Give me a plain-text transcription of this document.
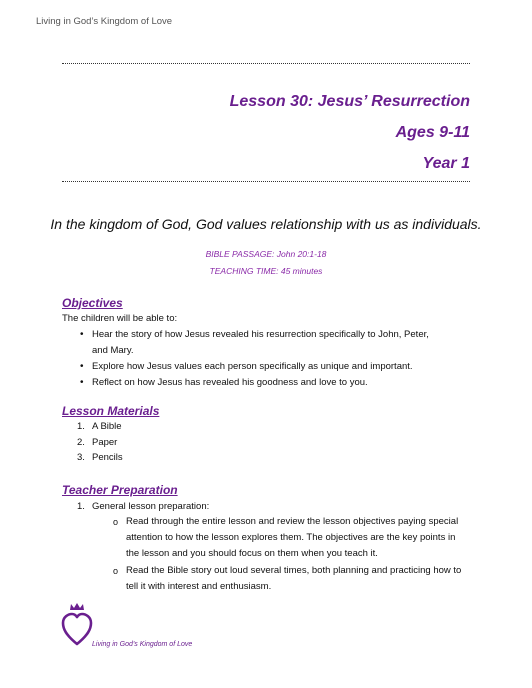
Living in God’s Kingdom of Love

Lesson 30: Jesus’ Resurrection

Ages 9-11

Year 1

In the kingdom of God, God values relationship with us as individuals.
BIBLE PASSAGE: John 20:1-18
TEACHING TIME: 45 minutes
Objectives
The children will be able to:
• Hear the story of how Jesus revealed his resurrection specifically to John, Peter, and Mary.
• Explore how Jesus values each person specifically as unique and important.
• Reflect on how Jesus has revealed his goodness and love to you.
Lesson Materials
1. A Bible
2. Paper
3. Pencils
Teacher Preparation
1. General lesson preparation:
o Read through the entire lesson and review the lesson objectives paying special attention to how the lesson explores them. The objectives are the key points in the lesson and you should focus on them when you teach it.
o Read the Bible story out loud several times, both planning and practicing how to tell it with interest and enthusiasm.
Living in God’s Kingdom of Love
